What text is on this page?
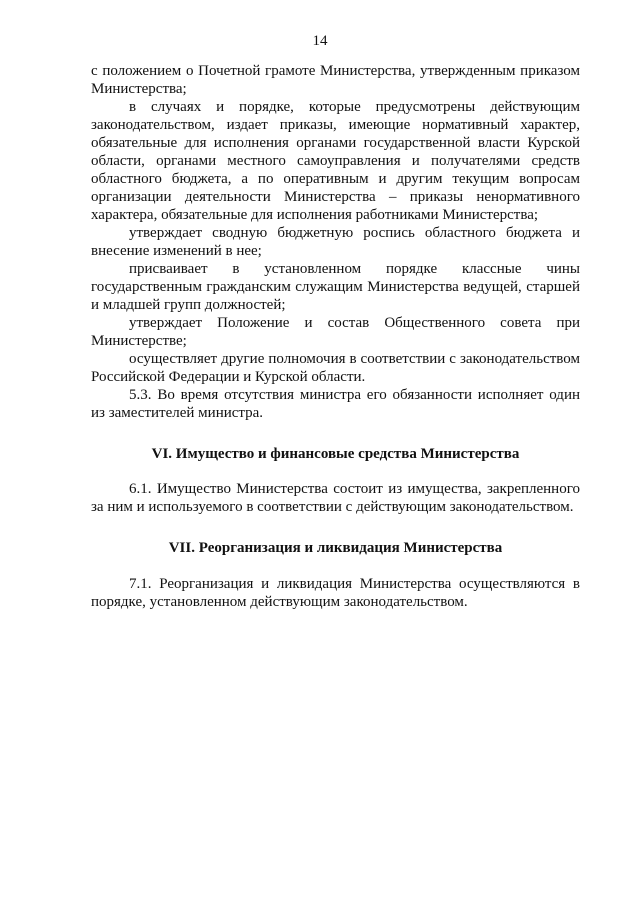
14

с положением о Почетной грамоте Министерства, утвержденным приказом Министерства;

в случаях и порядке, которые предусмотрены действующим законодательством, издает приказы, имеющие нормативный характер, обязательные для исполнения органами государственной власти Курской области, органами местного самоуправления и получателями средств областного бюджета, а по оперативным и другим текущим вопросам организации деятельности Министерства – приказы ненормативного характера, обязательные для исполнения работниками Министерства;

утверждает сводную бюджетную роспись областного бюджета и внесение изменений в нее;

присваивает в установленном порядке классные чины государственным гражданским служащим Министерства ведущей, старшей и младшей групп должностей;

утверждает Положение и состав Общественного совета при Министерстве;

осуществляет другие полномочия в соответствии с законодательством Российской Федерации и Курской области.

5.3. Во время отсутствия министра его обязанности исполняет один из заместителей министра.

VI. Имущество и финансовые средства Министерства

6.1. Имущество Министерства состоит из имущества, закрепленного за ним и используемого в соответствии с действующим законодательством.

VII. Реорганизация и ликвидация Министерства

7.1. Реорганизация и ликвидация Министерства осуществляются в порядке, установленном действующим законодательством.
